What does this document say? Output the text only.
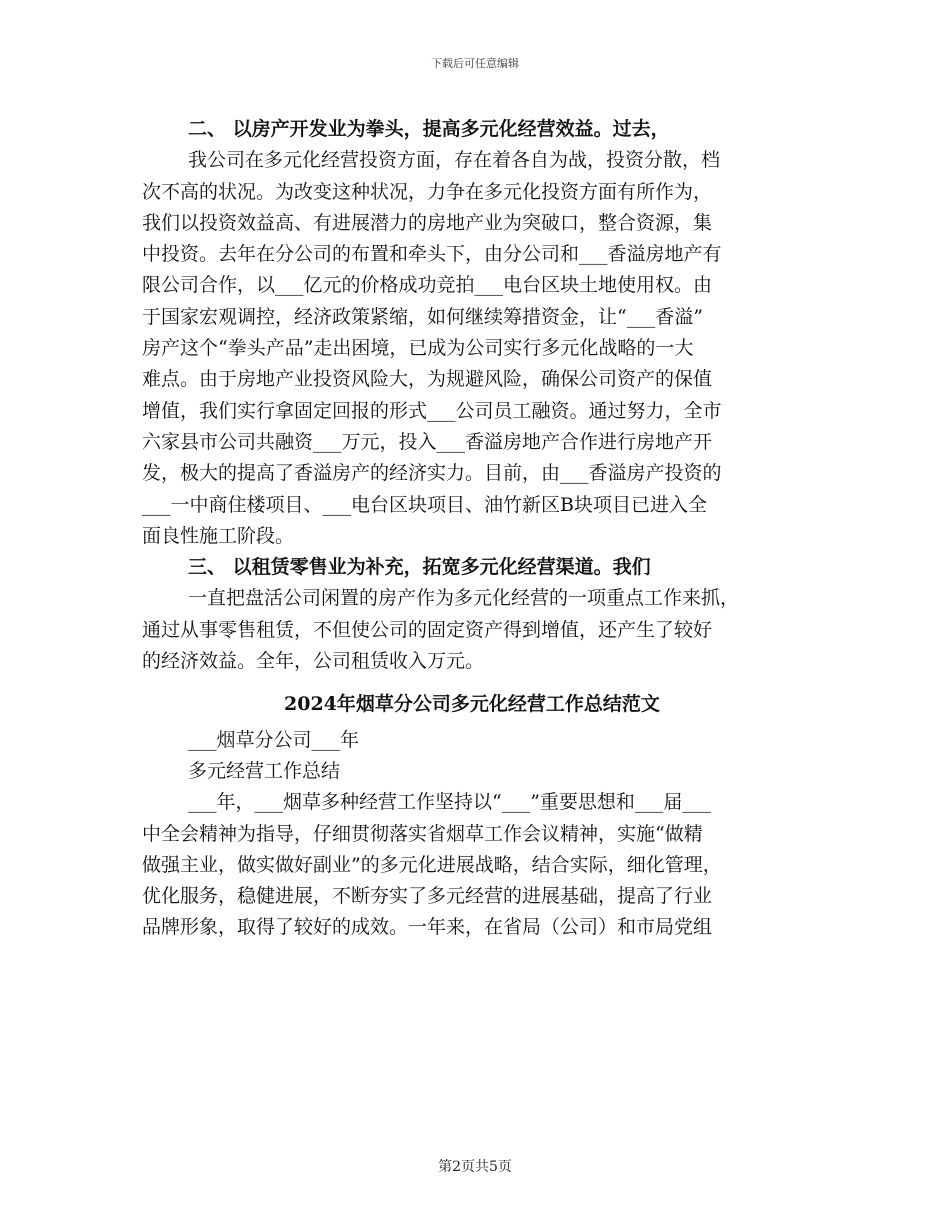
下载后可任意编辑
二、 以房产开发业为拳头，提高多元化经营效益。过去，
我公司在多元化经营投资方面，存在着各自为战，投资分散，档
次不高的状况。为改变这种状况，力争在多元化投资方面有所作为，
我们以投资效益高、有进展潜力的房地产业为突破口，整合资源，集
中投资。去年在分公司的布置和牵头下，由分公司和___香溢房地产有
限公司合作，以___亿元的价格成功竞拍___电台区块土地使用权。由
于国家宏观调控，经济政策紧缩，如何继续筹措资金，让“___香溢”
房产这个“拳头产品”走出困境，已成为公司实行多元化战略的一大
难点。由于房地产业投资风险大，为规避风险，确保公司资产的保值
增值，我们实行拿固定回报的形式___公司员工融资。通过努力，全市
六家县市公司共融资___万元，投入___香溢房地产合作进行房地产开
发，极大的提高了香溢房产的经济实力。目前，由___香溢房产投资的
___一中商住楼项目、___电台区块项目、油竹新区B块项目已进入全
面良性施工阶段。
三、 以租赁零售业为补充，拓宽多元化经营渠道。我们
一直把盘活公司闲置的房产作为多元化经营的一项重点工作来抓，
通过从事零售租赁，不但使公司的固定资产得到增值，还产生了较好
的经济效益。全年，公司租赁收入万元。
2024年烟草分公司多元化经营工作总结范文
___烟草分公司___年
多元经营工作总结
___年，___烟草多种经营工作坚持以“___”重要思想和___届___
中全会精神为指导，仔细贯彻落实省烟草工作会议精神，实施“做精
做强主业，做实做好副业”的多元化进展战略，结合实际，细化管理，
优化服务，稳健进展，不断夯实了多元经营的进展基础，提高了行业
品牌形象，取得了较好的成效。一年来，在省局（公司）和市局党组
第2页共5页
